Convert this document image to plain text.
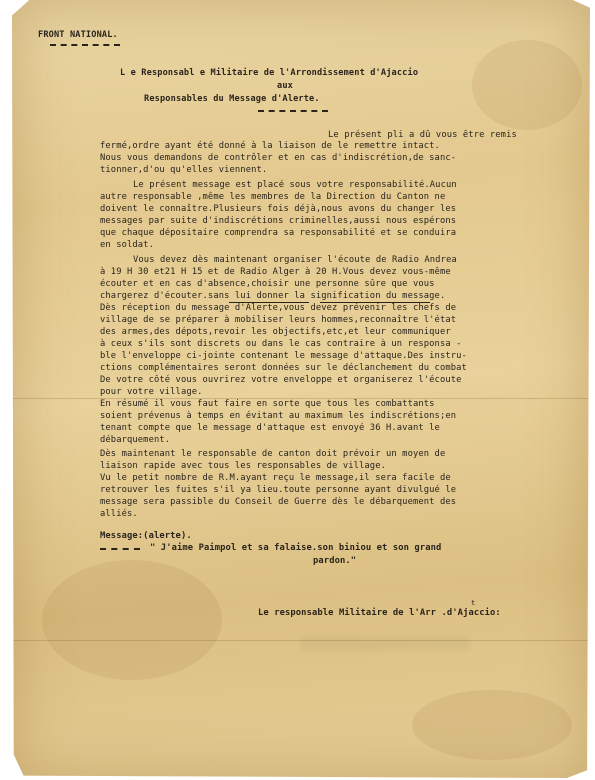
FRONT NATIONAL.

L e Responsabl e Militaire de l'Arrondissement d'Ajaccio

aux

Responsables du Message d'Alerte.

Le présent pli a dû vous être remis

fermé,ordre ayant été donné à la liaison de le remettre intact.

Nous vous demandons de contrôler et en cas d'indiscrétion,de sanc-

tionner,d'ou qu'elles viennent.

Le présent message est placé sous votre responsabilité.Aucun

autre responsable ,même les membres de la Direction du Canton ne

doivent le connaître.Plusieurs fois déjà,nous avons du changer les

messages par suite d'indiscrétions criminelles,aussi nous espérons

que chaque dépositaire comprendra sa responsabilité et se conduira

en soldat.

Vous devez dès maintenant organiser l'écoute de Radio Andrea

à 19 H 30 et21 H 15 et de Radio Alger à 20 H.Vous devez vous-même

écouter et en cas d'absence,choisir une personne sûre que vous

chargerez d'écouter.sans lui donner la signification du message.

Dès réception du message d'Alerte,vous devez prévenir les chefs de

village de se préparer à mobiliser leurs hommes,reconnaître l'état

des armes,des dépots,revoir les objectifs,etc,et leur communiquer

à ceux s'ils sont discrets ou dans le cas contraire à un responsa -

ble l'enveloppe ci-jointe contenant le message d'attaque.Des instru-

ctions complémentaires seront données sur le déclanchement du combat

De votre côté vous ouvrirez votre enveloppe et organiserez l'écoute

pour votre village.

En résumé il vous faut faire en sorte que tous les combattants

soient prévenus à temps en évitant au maximum les indiscrétions;en

tenant compte que le message d'attaque est envoyé 36 H.avant le

débarquement.

Dès maintenant le responsable de canton doit prévoir un moyen de

liaison rapide avec tous les responsables de village.

Vu le petit nombre de R.M.ayant reçu le message,il sera facile de

retrouver les fuites s'il ya lieu.toute personne ayant divulgué le

message sera passible du Conseil de Guerre dès le débarquement des

alliés.

Message:(alerte).

" J'aime Paimpol et sa falaise.son biniou et son grand

pardon."

t

Le responsable Militaire de l'Arr .d'Ajaccio:
